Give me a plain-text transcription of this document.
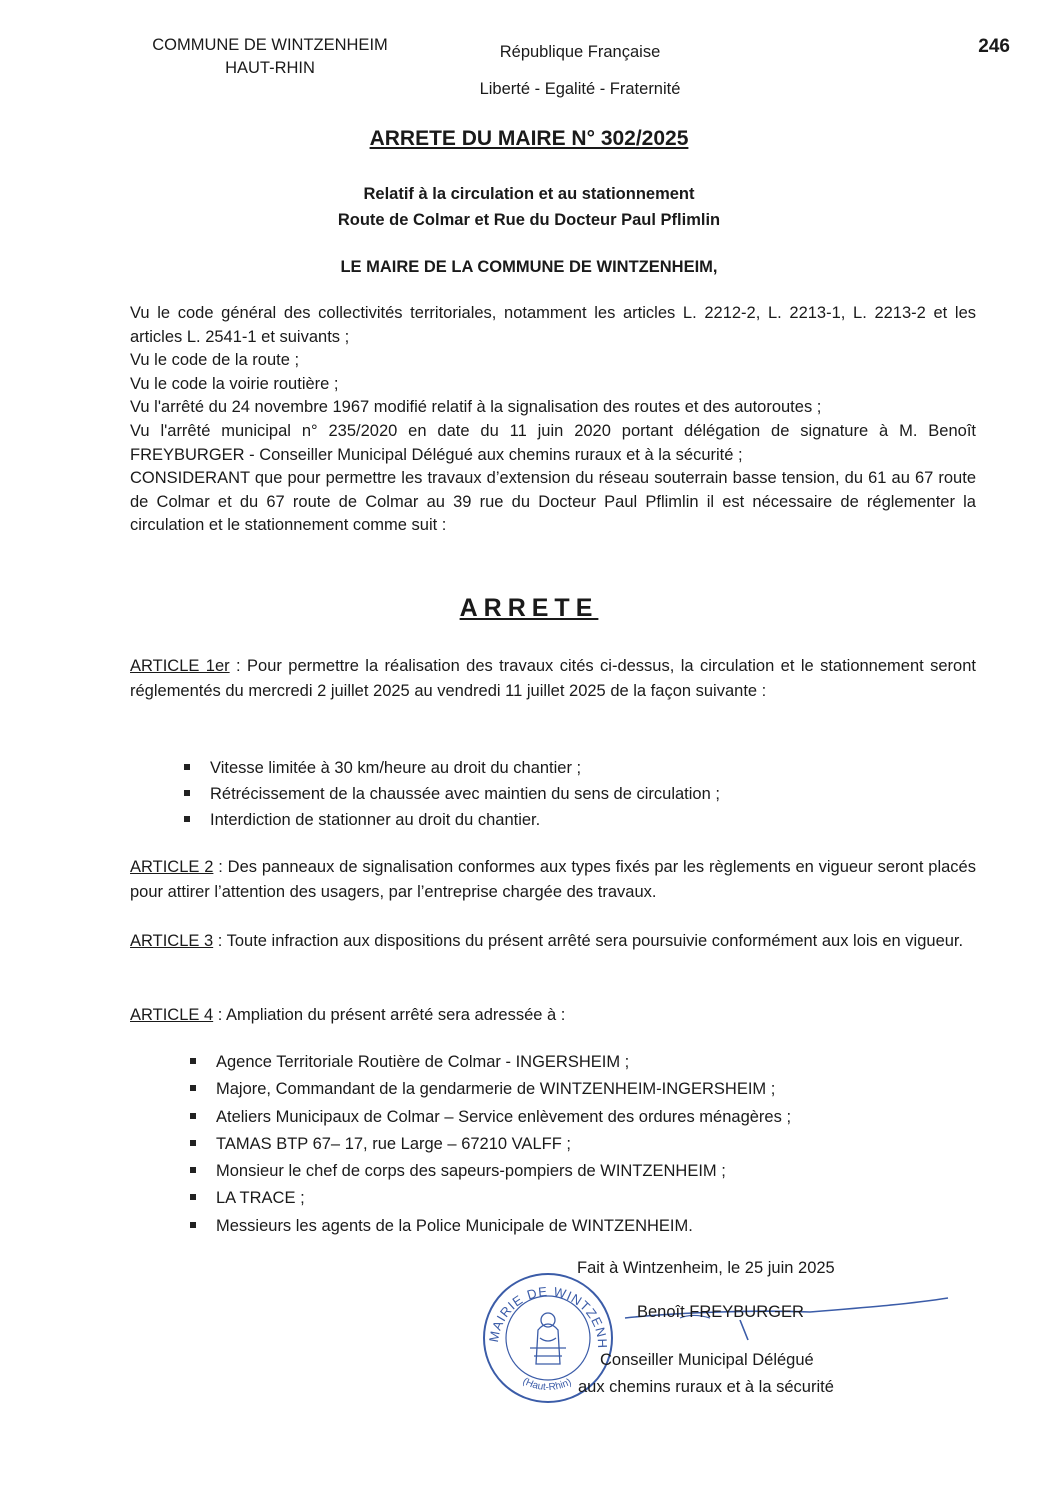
COMMUNE DE WINTZENHEIM
HAUT-RHIN
République Française
Liberté - Egalité - Fraternité
246
ARRETE DU MAIRE N° 302/2025
Relatif à la circulation et au stationnement
Route de Colmar et Rue du Docteur Paul Pflimlin
LE MAIRE DE LA COMMUNE DE WINTZENHEIM,

Vu le code général des collectivités territoriales, notamment les articles L. 2212-2, L. 2213-1, L. 2213-2 et les articles L. 2541-1 et suivants ;

Vu le code de la route ;

Vu le code la voirie routière ;

Vu l'arrêté du 24 novembre 1967 modifié relatif à la signalisation des routes et des autoroutes ;

Vu l'arrêté municipal n° 235/2020 en date du 11 juin 2020 portant délégation de signature à M. Benoît FREYBURGER - Conseiller Municipal Délégué aux chemins ruraux et à la sécurité ;

CONSIDERANT que pour permettre les travaux d’extension du réseau souterrain basse tension, du 61 au 67 route de Colmar et du 67 route de Colmar au 39 rue du Docteur Paul Pflimlin il est nécessaire de réglementer la circulation et le stationnement comme suit :

ARRETE
ARTICLE 1er : Pour permettre la réalisation des travaux cités ci-dessus, la circulation et le stationnement seront réglementés du mercredi 2 juillet 2025 au vendredi 11 juillet 2025 de la façon suivante :
Vitesse limitée à 30 km/heure au droit du chantier ;
Rétrécissement de la chaussée avec maintien du sens de circulation ;
Interdiction de stationner au droit du chantier.
ARTICLE 2 : Des panneaux de signalisation conformes aux types fixés par les règlements en vigueur seront placés pour attirer l’attention des usagers, par l’entreprise chargée des travaux.
ARTICLE 3 : Toute infraction aux dispositions du présent arrêté sera poursuivie conformément aux lois en vigueur.
ARTICLE 4 : Ampliation du présent arrêté sera adressée à :
Agence Territoriale Routière de Colmar - INGERSHEIM ;
Majore, Commandant de la gendarmerie de WINTZENHEIM-INGERSHEIM ;
Ateliers Municipaux de Colmar – Service enlèvement des ordures ménagères ;
TAMAS BTP 67– 17, rue Large – 67210 VALFF ;
Monsieur le chef de corps des sapeurs-pompiers de WINTZENHEIM ;
LA TRACE ;
Messieurs les agents de la Police Municipale de WINTZENHEIM.
Fait à Wintzenheim, le 25 juin 2025
MAIRIE DE WINTZENH
(Haut-Rhin)
Benoît FREYBURGER
Conseiller Municipal Délégué
aux chemins ruraux et à la sécurité
